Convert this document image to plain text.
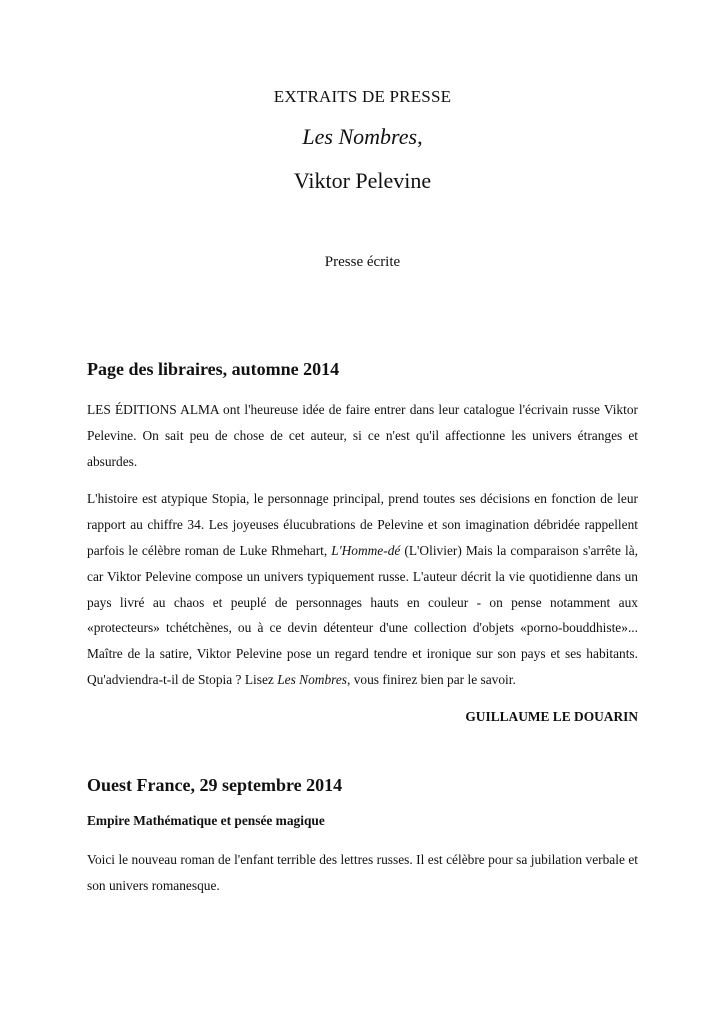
EXTRAITS DE PRESSE
Les Nombres,
Viktor Pelevine
Presse écrite
Page des libraires, automne 2014

LES ÉDITIONS ALMA ont l'heureuse idée de faire entrer dans leur catalogue l'écrivain russe Viktor Pelevine. On sait peu de chose de cet auteur, si ce n'est qu'il affectionne les univers étranges et absurdes.

L'histoire est atypique Stopia, le personnage principal, prend toutes ses décisions en fonction de leur rapport au chiffre 34. Les joyeuses élucubrations de Pelevine et son imagination débridée rappellent parfois le célèbre roman de Luke Rhmehart, L'Homme-dé (L'Olivier) Mais la comparaison s'arrête là, car Viktor Pelevine compose un univers typiquement russe. L'auteur décrit la vie quotidienne dans un pays livré au chaos et peuplé de personnages hauts en couleur - on pense notamment aux «protecteurs» tchétchènes, ou à ce devin détenteur d'une collection d'objets «porno-bouddhiste»... Maître de la satire, Viktor Pelevine pose un regard tendre et ironique sur son pays et ses habitants. Qu'adviendra-t-il de Stopia ? Lisez Les Nombres, vous finirez bien par le savoir.

GUILLAUME LE DOUARIN
Ouest France, 29 septembre 2014
Empire Mathématique et pensée magique

Voici le nouveau roman de l'enfant terrible des lettres russes. Il est célèbre pour sa jubilation verbale et son univers romanesque.
